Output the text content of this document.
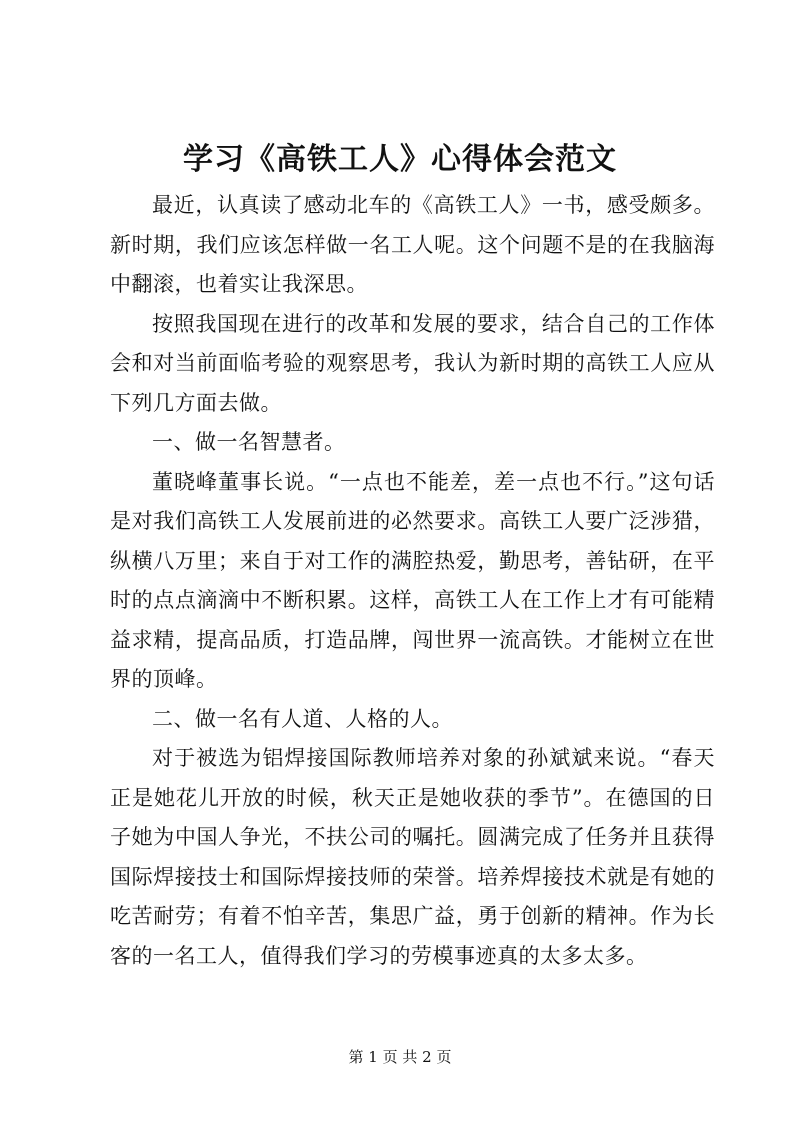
学习《高铁工人》心得体会范文

最近，认真读了感动北车的《高铁工人》一书，感受颇多。新时期，我们应该怎样做一名工人呢。这个问题不是的在我脑海中翻滚，也着实让我深思。

按照我国现在进行的改革和发展的要求，结合自己的工作体会和对当前面临考验的观察思考，我认为新时期的高铁工人应从下列几方面去做。

一、做一名智慧者。

董晓峰董事长说。“一点也不能差，差一点也不行。”这句话是对我们高铁工人发展前进的必然要求。高铁工人要广泛涉猎，纵横八万里；来自于对工作的满腔热爱，勤思考，善钻研，在平时的点点滴滴中不断积累。这样，高铁工人在工作上才有可能精益求精，提高品质，打造品牌，闯世界一流高铁。才能树立在世界的顶峰。

二、做一名有人道、人格的人。

对于被选为铝焊接国际教师培养对象的孙斌斌来说。“春天正是她花儿开放的时候，秋天正是她收获的季节”。在德国的日子她为中国人争光，不扶公司的嘱托。圆满完成了任务并且获得国际焊接技士和国际焊接技师的荣誉。培养焊接技术就是有她的吃苦耐劳；有着不怕辛苦，集思广益，勇于创新的精神。作为长客的一名工人，值得我们学习的劳模事迹真的太多太多。

第 1 页 共 2 页
